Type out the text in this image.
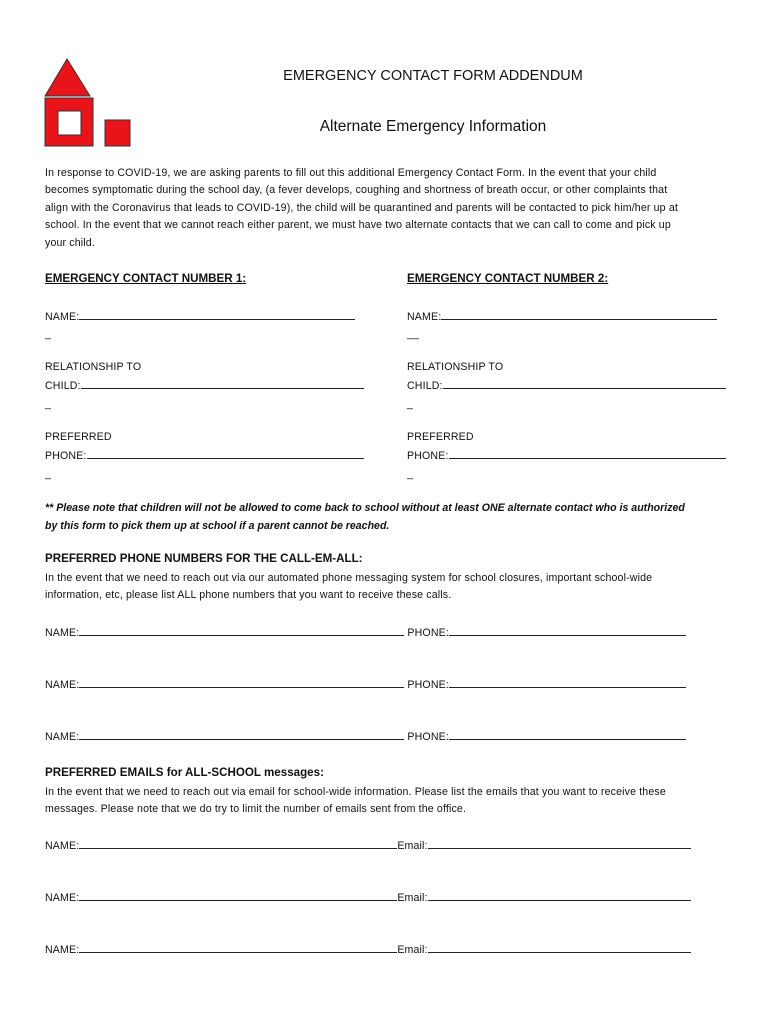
EMERGENCY CONTACT FORM ADDENDUM
Alternate Emergency Information
In response to COVID-19, we are asking parents to fill out this additional Emergency Contact Form. In the event that your child
becomes symptomatic during the school day, (a fever develops, coughing and shortness of breath occur, or other complaints that
align with the Coronavirus that leads to COVID-19), the child will be quarantined and parents will be contacted to pick him/her up at
school. In the event that we cannot reach either parent, we must have two alternate contacts that we can call to come and pick up
your child.
EMERGENCY CONTACT NUMBER 1:
NAME:
_
RELATIONSHIP TO
CHILD:
_
PREFERRED
PHONE:
_
EMERGENCY CONTACT NUMBER 2:
NAME:
__
RELATIONSHIP TO
CHILD:
_
PREFERRED
PHONE:
_
** Please note that children will not be allowed to come back to school without at least ONE alternate contact who is authorized
by this form to pick them up at school if a parent cannot be reached.
PREFERRED PHONE NUMBERS FOR THE CALL-EM-ALL:
In the event that we need to reach out via our automated phone messaging system for school closures, important school-wide
information, etc, please list ALL phone numbers that you want to receive these calls.
NAME:	PHONE:
NAME:	PHONE:
NAME:	PHONE:
PREFERRED EMAILS for ALL-SCHOOL messages:
In the event that we need to reach out via email for school-wide information. Please list the emails that you want to receive these
messages. Please note that we do try to limit the number of emails sent from the office.
NAME:	Email:
NAME:	Email:
NAME:	Email:
